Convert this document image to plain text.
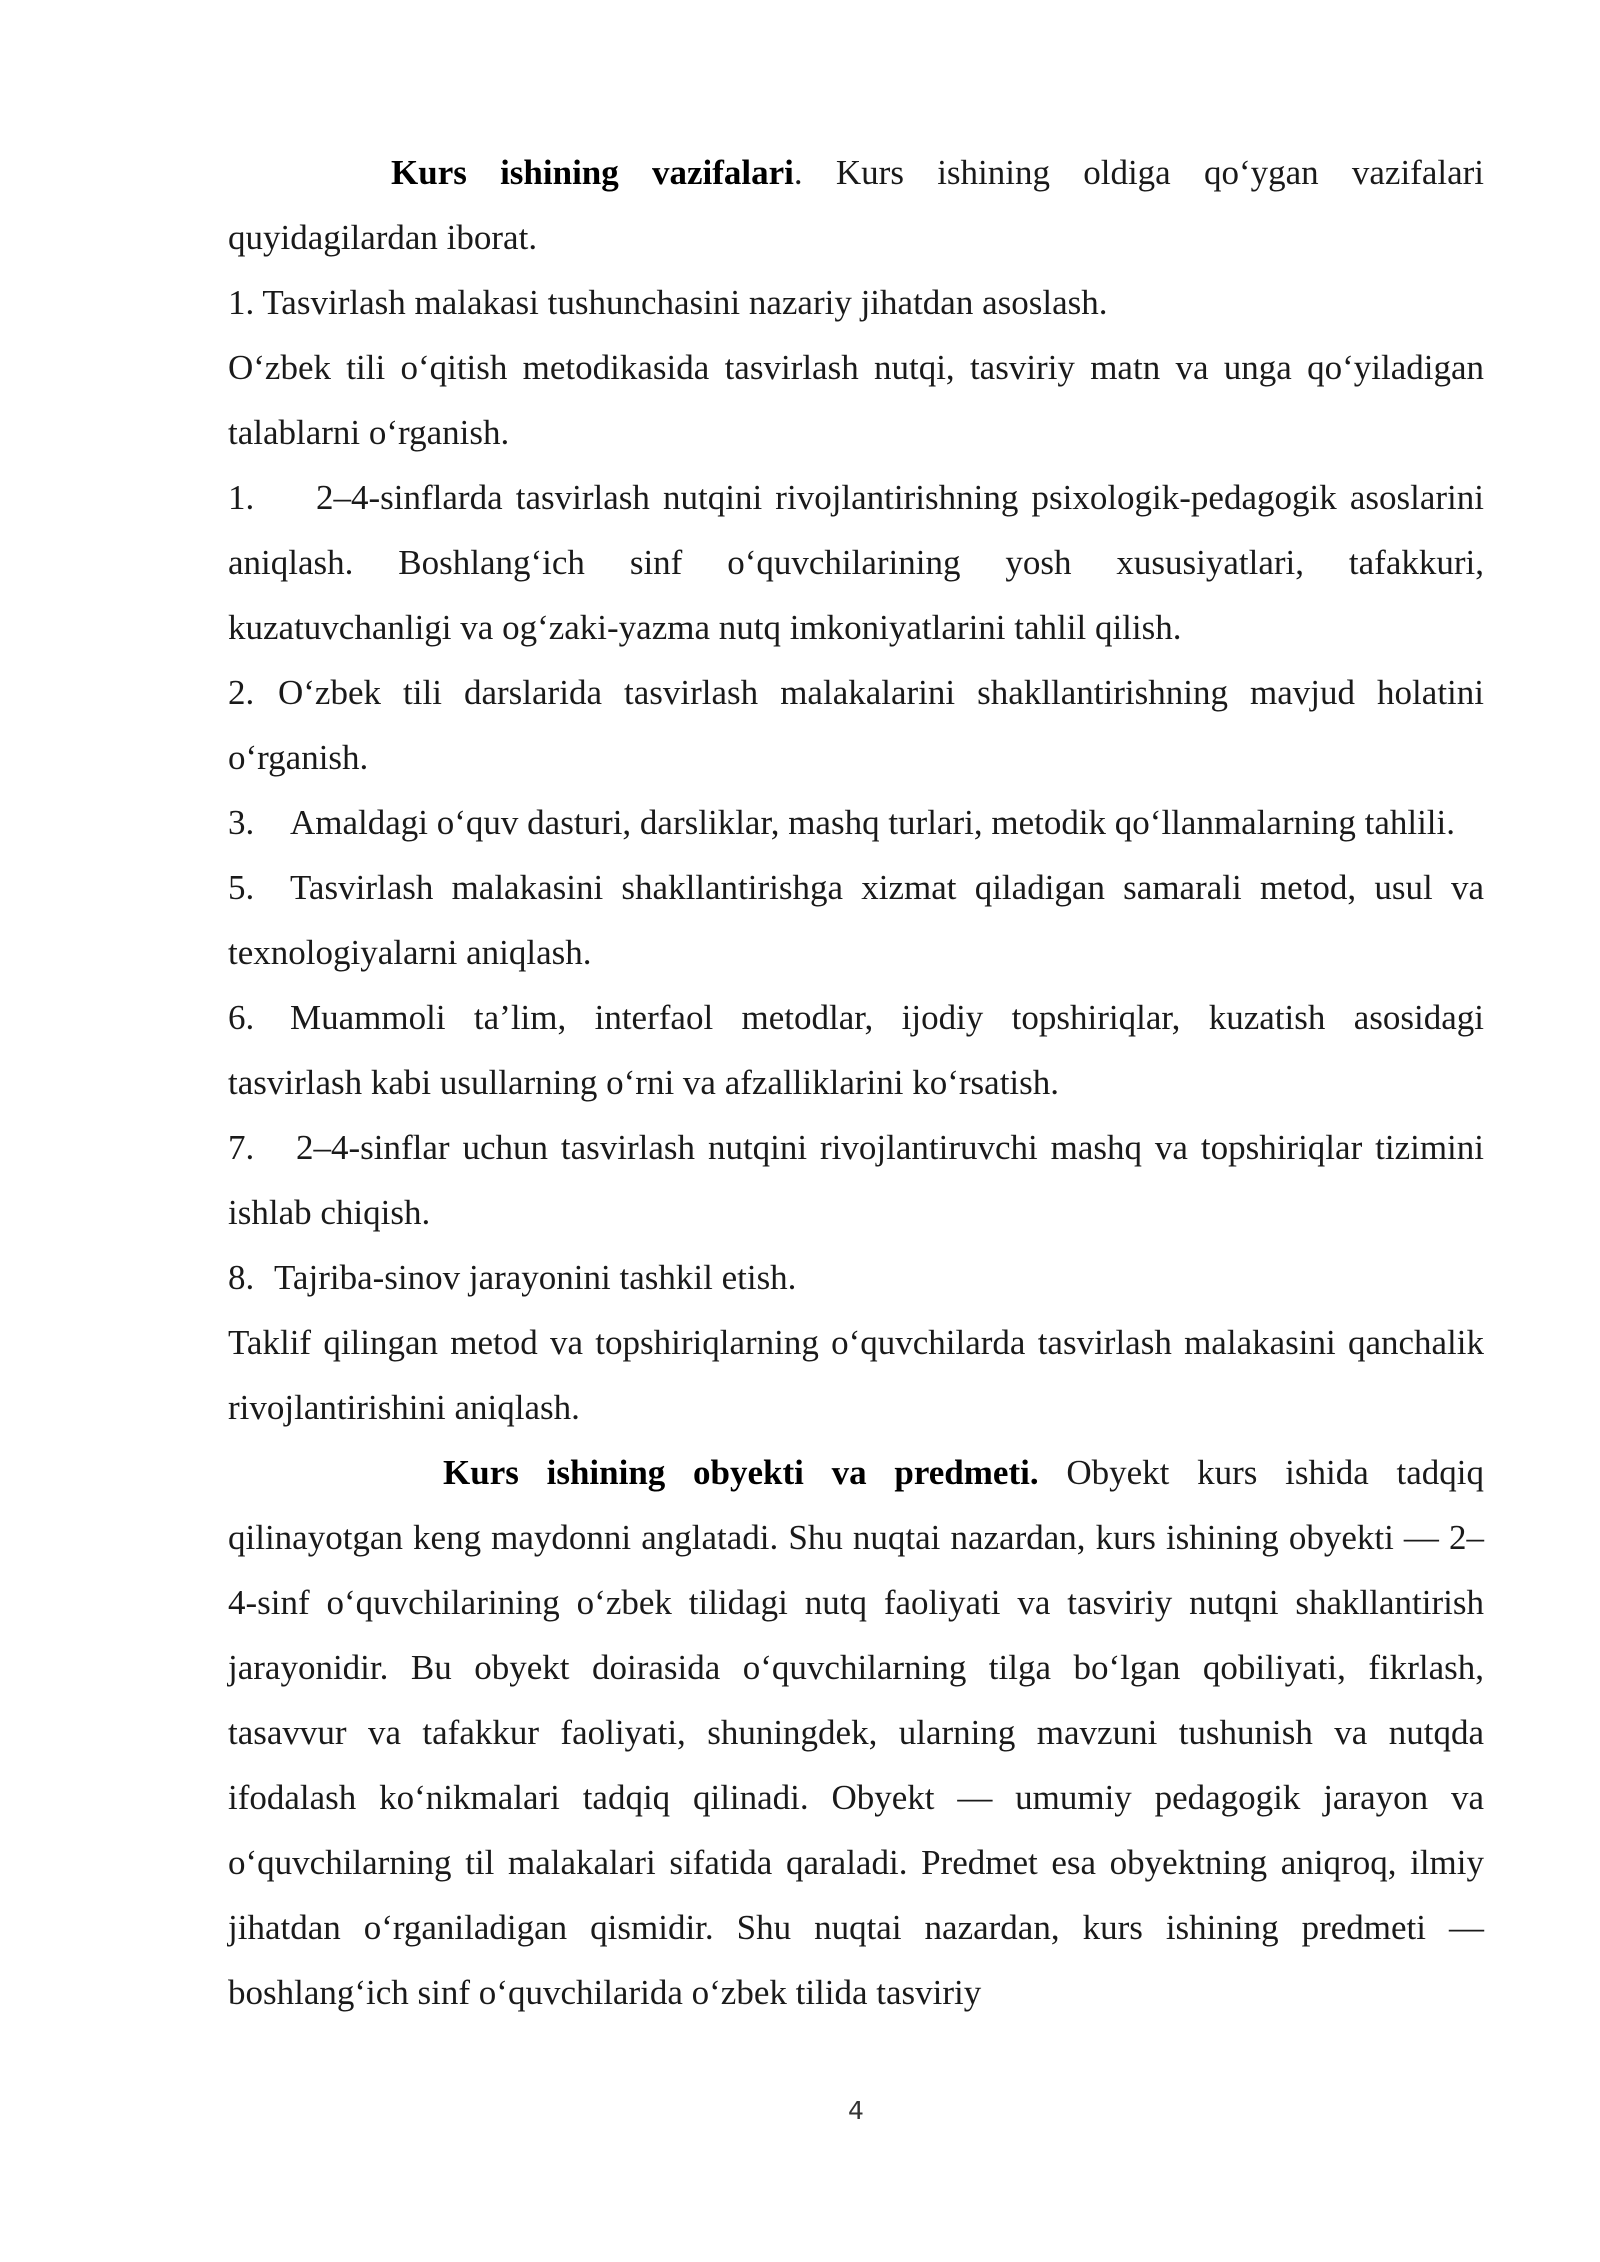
Kurs ishining vazifalari. Kurs ishining oldiga qo‘ygan vazifalari quyidagilardan iborat.

1. Tasvirlash malakasi tushunchasini nazariy jihatdan asoslash.

O‘zbek tili o‘qitish metodikasida tasvirlash nutqi, tasviriy matn va unga qo‘yiladigan talablarni o‘rganish.

1. 2–4-sinflarda tasvirlash nutqini rivojlantirishning psixologik-pedagogik asoslarini aniqlash. Boshlang‘ich sinf o‘quvchilarining yosh xususiyatlari, tafakkuri, kuzatuvchanligi va og‘zaki-yazma nutq imkoniyatlarini tahlil qilish.

2. O‘zbek tili darslarida tasvirlash malakalarini shakllantirishning mavjud holatini o‘rganish.

3. Amaldagi o‘quv dasturi, darsliklar, mashq turlari, metodik qo‘llanmalarning tahlili.

5. Tasvirlash malakasini shakllantirishga xizmat qiladigan samarali metod, usul va texnologiyalarni aniqlash.

6. Muammoli ta’lim, interfaol metodlar, ijodiy topshiriqlar, kuzatish asosidagi tasvirlash kabi usullarning o‘rni va afzalliklarini ko‘rsatish.

7. 2–4-sinflar uchun tasvirlash nutqini rivojlantiruvchi mashq va topshiriqlar tizimini ishlab chiqish.

8. Tajriba-sinov jarayonini tashkil etish.

Taklif qilingan metod va topshiriqlarning o‘quvchilarda tasvirlash malakasini qanchalik rivojlantirishini aniqlash.

Kurs ishining obyekti va predmeti. Obyekt kurs ishida tadqiq qilinayotgan keng maydonni anglatadi. Shu nuqtai nazardan, kurs ishining obyekti — 2–4-sinf o‘quvchilarining o‘zbek tilidagi nutq faoliyati va tasviriy nutqni shakllantirish jarayonidir. Bu obyekt doirasida o‘quvchilarning tilga bo‘lgan qobiliyati, fikrlash, tasavvur va tafakkur faoliyati, shuningdek, ularning mavzuni tushunish va nutqda ifodalash ko‘nikmalari tadqiq qilinadi. Obyekt — umumiy pedagogik jarayon va o‘quvchilarning til malakalari sifatida qaraladi. Predmet esa obyektning aniqroq, ilmiy jihatdan o‘rganiladigan qismidir. Shu nuqtai nazardan, kurs ishining predmeti — boshlang‘ich sinf o‘quvchilarida o‘zbek tilida tasviriy

4
